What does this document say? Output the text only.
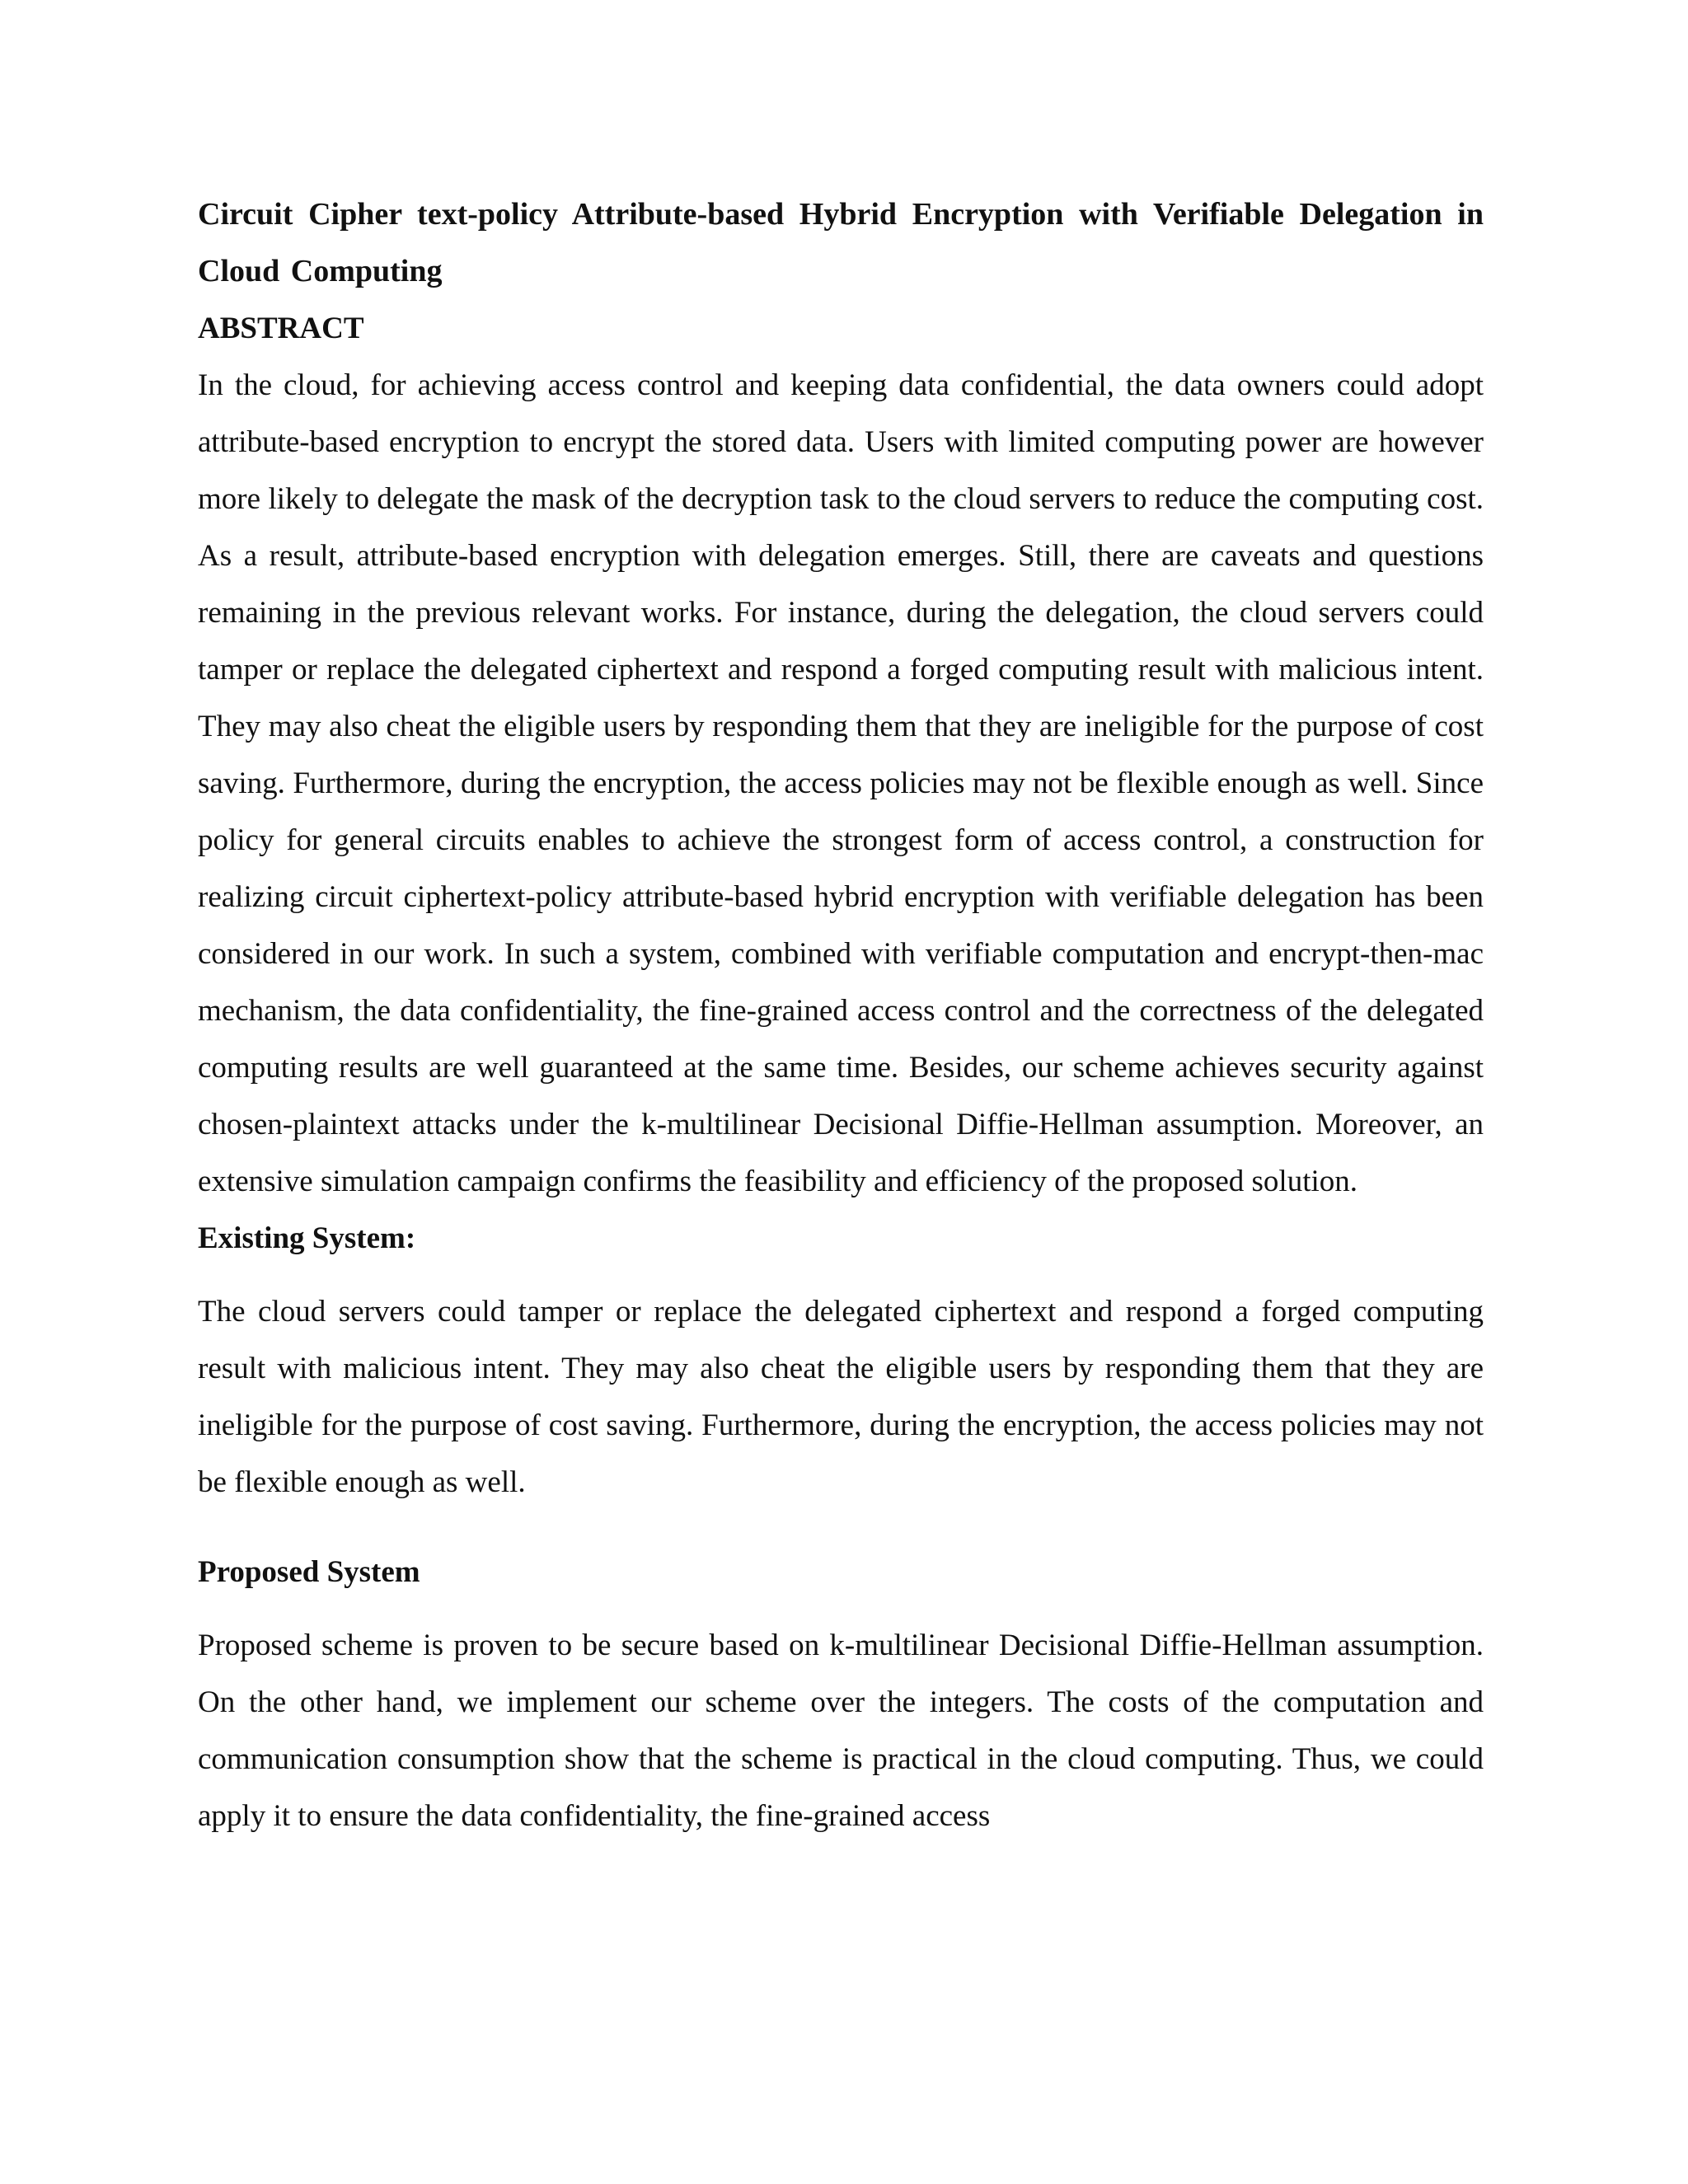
Circuit Cipher text-policy Attribute-based Hybrid Encryption with Verifiable Delegation in Cloud Computing

ABSTRACT

In the cloud, for achieving access control and keeping data confidential, the data owners could adopt attribute-based encryption to encrypt the stored data. Users with limited computing power are however more likely to delegate the mask of the decryption task to the cloud servers to reduce the computing cost. As a result, attribute-based encryption with delegation emerges. Still, there are caveats and questions remaining in the previous relevant works. For instance, during the delegation, the cloud servers could tamper or replace the delegated ciphertext and respond a forged computing result with malicious intent. They may also cheat the eligible users by responding them that they are ineligible for the purpose of cost saving. Furthermore, during the encryption, the access policies may not be flexible enough as well. Since policy for general circuits enables to achieve the strongest form of access control, a construction for realizing circuit ciphertext-policy attribute-based hybrid encryption with verifiable delegation has been considered in our work. In such a system, combined with verifiable computation and encrypt-then-mac mechanism, the data confidentiality, the fine-grained access control and the correctness of the delegated computing results are well guaranteed at the same time. Besides, our scheme achieves security against chosen-plaintext attacks under the k-multilinear Decisional Diffie-Hellman assumption. Moreover, an extensive simulation campaign confirms the feasibility and efficiency of the proposed solution.

Existing System:

The cloud servers could tamper or replace the delegated ciphertext and respond a forged computing result with malicious intent. They may also cheat the eligible users by responding them that they are ineligible for the purpose of cost saving. Furthermore, during the encryption, the access policies may not be flexible enough as well.

Proposed System

Proposed scheme is proven to be secure based on k-multilinear Decisional Diffie-Hellman assumption. On the other hand, we implement our scheme over the integers. The costs of the computation and communication consumption show that the scheme is practical in the cloud computing. Thus, we could apply it to ensure the data confidentiality, the fine-grained access
